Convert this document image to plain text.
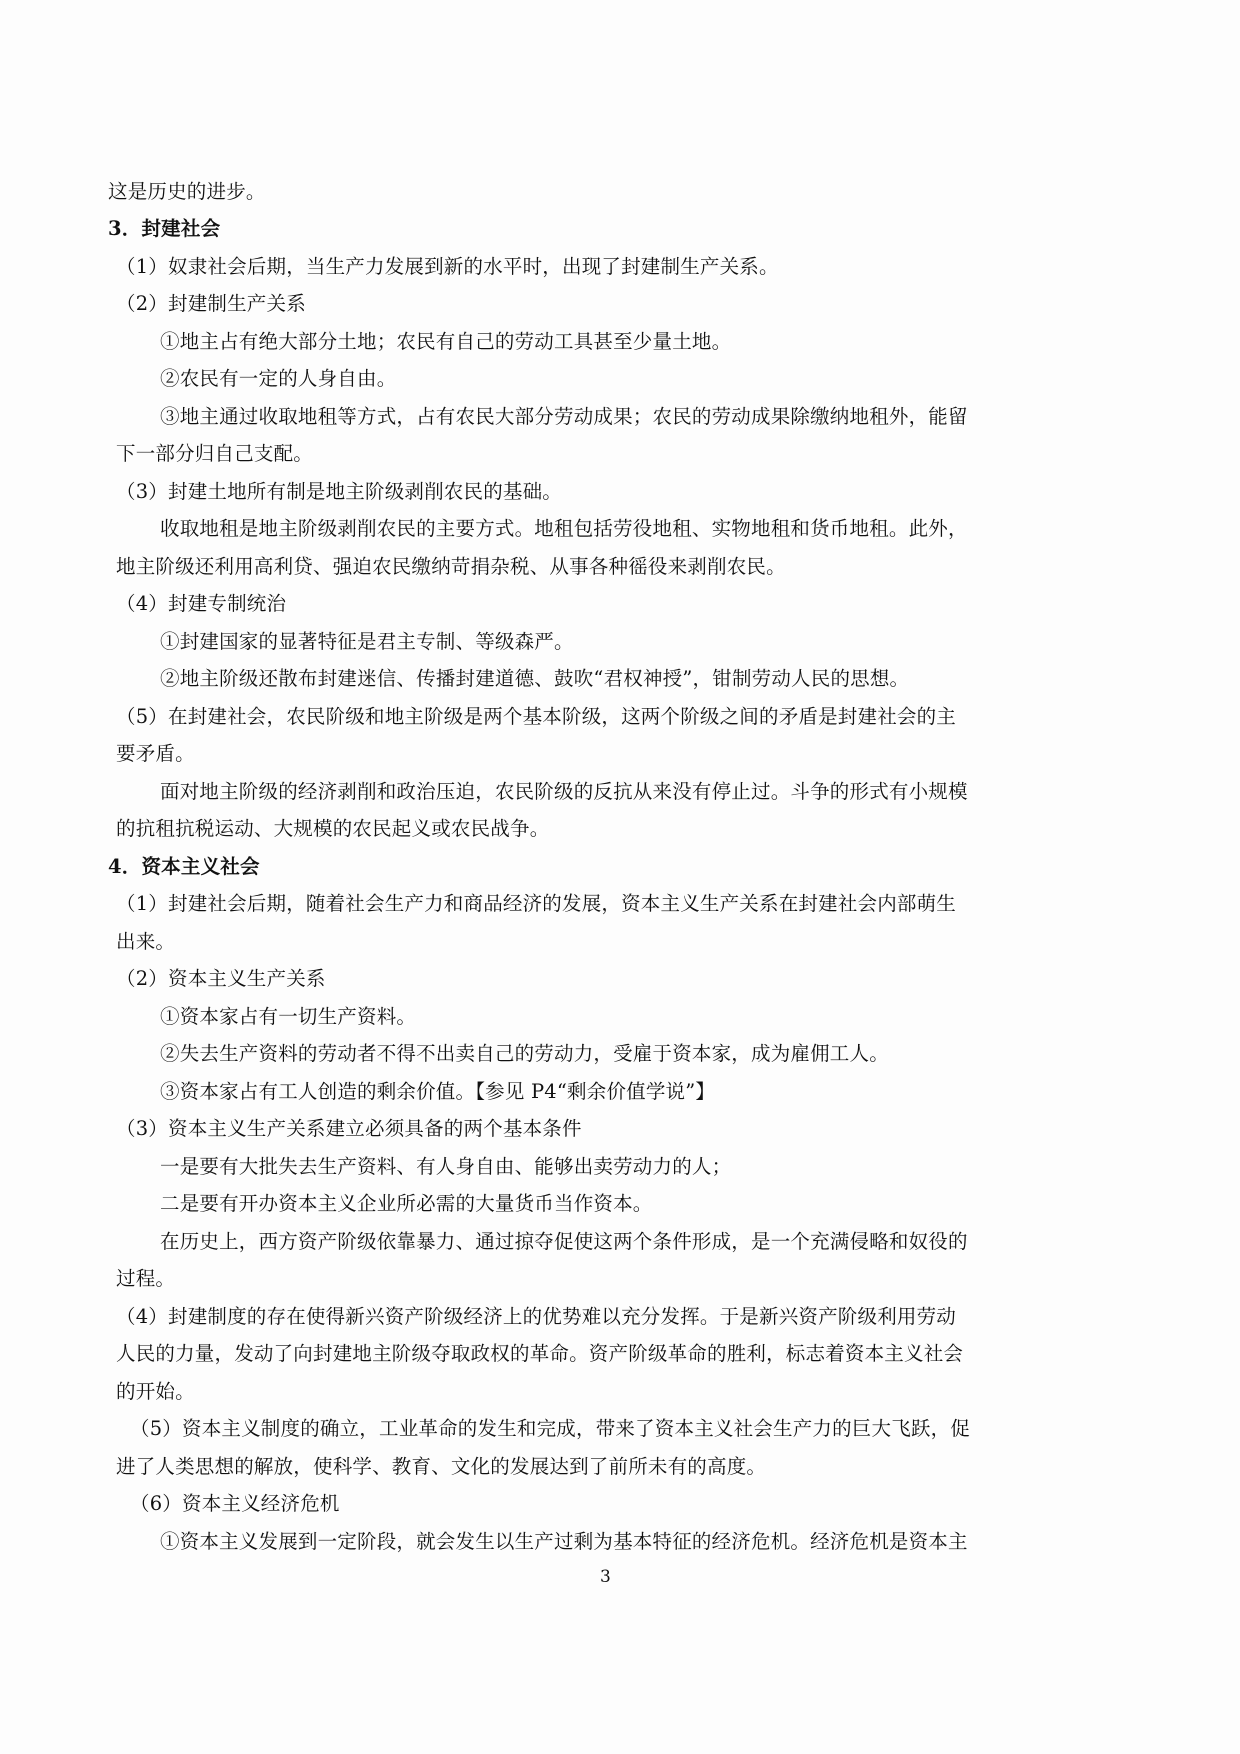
这是历史的进步。
3．封建社会
（1）奴隶社会后期，当生产力发展到新的水平时，出现了封建制生产关系。
（2）封建制生产关系
①地主占有绝大部分土地；农民有自己的劳动工具甚至少量土地。
②农民有一定的人身自由。
③地主通过收取地租等方式，占有农民大部分劳动成果；农民的劳动成果除缴纳地租外，能留
下一部分归自己支配。
（3）封建土地所有制是地主阶级剥削农民的基础。
收取地租是地主阶级剥削农民的主要方式。地租包括劳役地租、实物地租和货币地租。此外，
地主阶级还利用高利贷、强迫农民缴纳苛捐杂税、从事各种徭役来剥削农民。
（4）封建专制统治
①封建国家的显著特征是君主专制、等级森严。
②地主阶级还散布封建迷信、传播封建道德、鼓吹“君权神授”，钳制劳动人民的思想。
（5）在封建社会，农民阶级和地主阶级是两个基本阶级，这两个阶级之间的矛盾是封建社会的主
要矛盾。
面对地主阶级的经济剥削和政治压迫，农民阶级的反抗从来没有停止过。斗争的形式有小规模
的抗租抗税运动、大规模的农民起义或农民战争。
4．资本主义社会
（1）封建社会后期，随着社会生产力和商品经济的发展，资本主义生产关系在封建社会内部萌生
出来。
（2）资本主义生产关系
①资本家占有一切生产资料。
②失去生产资料的劳动者不得不出卖自己的劳动力，受雇于资本家，成为雇佣工人。
③资本家占有工人创造的剩余价值。【参见 P4“剩余价值学说”】
（3）资本主义生产关系建立必须具备的两个基本条件
一是要有大批失去生产资料、有人身自由、能够出卖劳动力的人；
二是要有开办资本主义企业所必需的大量货币当作资本。
在历史上，西方资产阶级依靠暴力、通过掠夺促使这两个条件形成，是一个充满侵略和奴役的
过程。
（4）封建制度的存在使得新兴资产阶级经济上的优势难以充分发挥。于是新兴资产阶级利用劳动
人民的力量，发动了向封建地主阶级夺取政权的革命。资产阶级革命的胜利，标志着资本主义社会
的开始。
（5）资本主义制度的确立，工业革命的发生和完成，带来了资本主义社会生产力的巨大飞跃，促
进了人类思想的解放，使科学、教育、文化的发展达到了前所未有的高度。
（6）资本主义经济危机
①资本主义发展到一定阶段，就会发生以生产过剩为基本特征的经济危机。经济危机是资本主
3
